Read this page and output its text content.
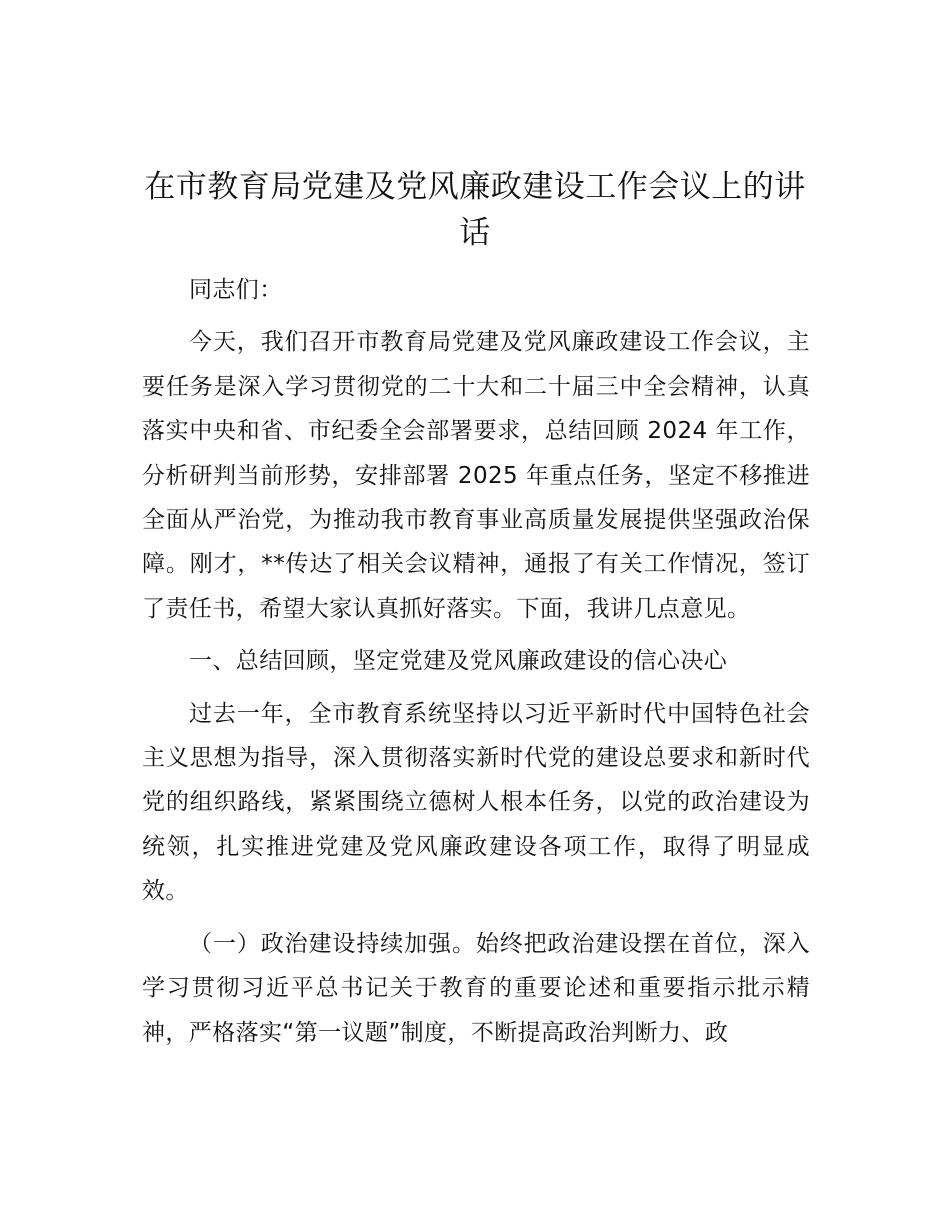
在市教育局党建及党风廉政建设工作会议上的讲话

同志们：

今天，我们召开市教育局党建及党风廉政建设工作会议，主要任务是深入学习贯彻党的二十大和二十届三中全会精神，认真落实中央和省、市纪委全会部署要求，总结回顾 2024 年工作，分析研判当前形势，安排部署 2025 年重点任务，坚定不移推进全面从严治党，为推动我市教育事业高质量发展提供坚强政治保障。刚才，**传达了相关会议精神，通报了有关工作情况，签订了责任书，希望大家认真抓好落实。下面，我讲几点意见。

一、总结回顾，坚定党建及党风廉政建设的信心决心

过去一年，全市教育系统坚持以习近平新时代中国特色社会主义思想为指导，深入贯彻落实新时代党的建设总要求和新时代党的组织路线，紧紧围绕立德树人根本任务，以党的政治建设为统领，扎实推进党建及党风廉政建设各项工作，取得了明显成效。

（一）政治建设持续加强。始终把政治建设摆在首位，深入学习贯彻习近平总书记关于教育的重要论述和重要指示批示精神，严格落实“第一议题”制度，不断提高政治判断力、政
